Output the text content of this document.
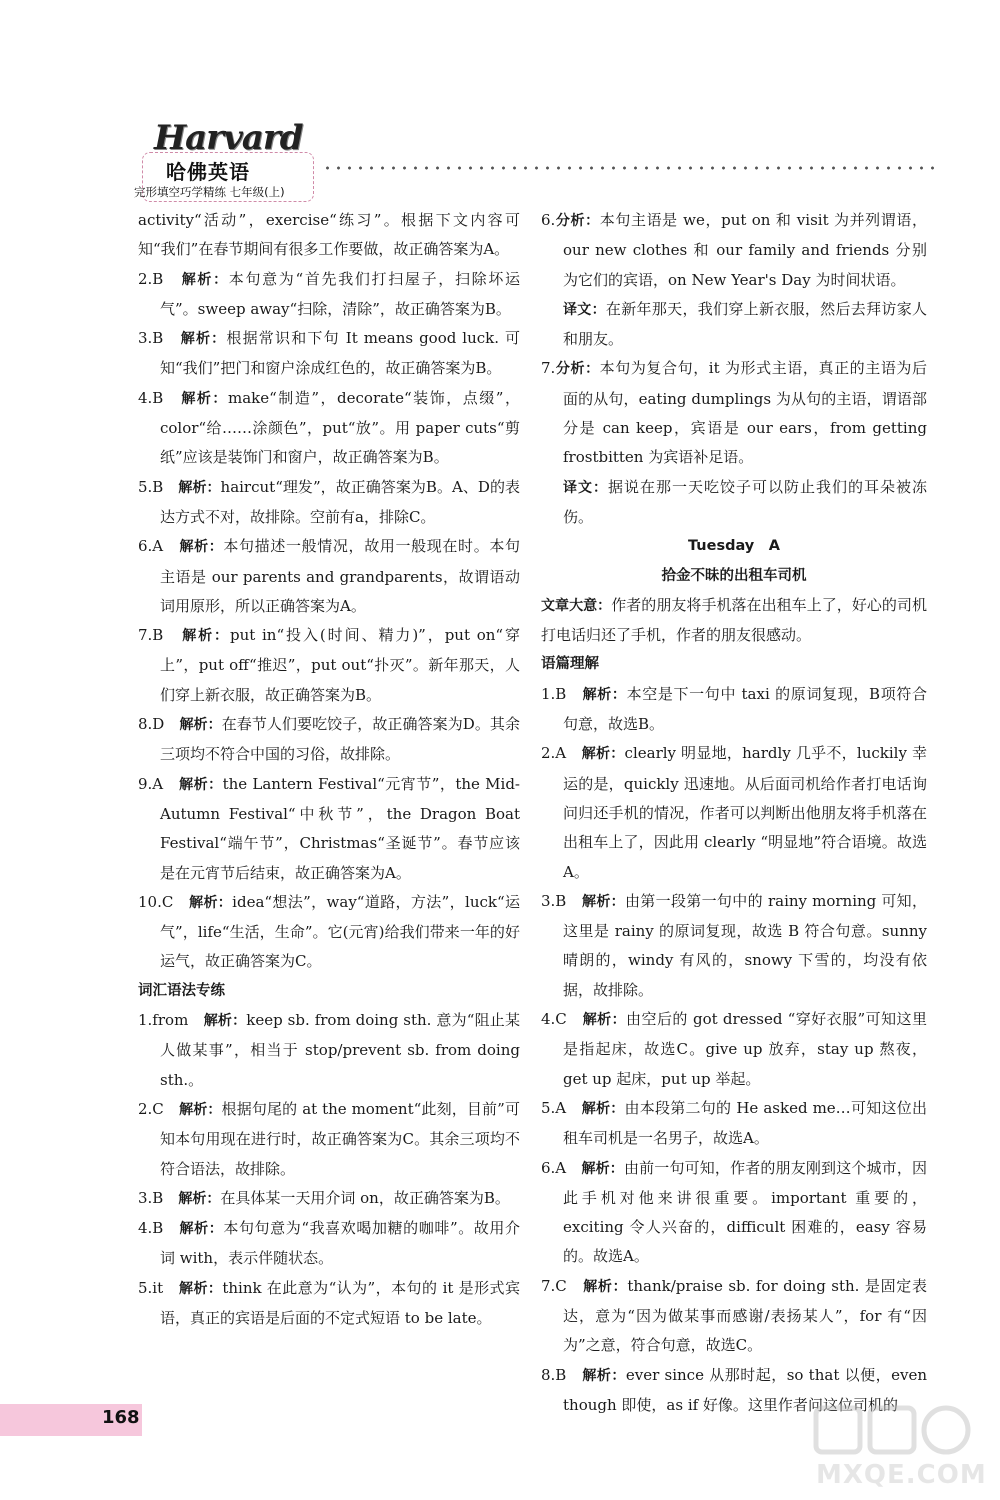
Harvard
哈佛英语
完形填空巧学精练 七年级(上)

activity“活动”，exercise“练习”。根据下文内容可知“我们”在春节期间有很多工作要做，故正确答案为A。

2.B　 解析：本句意为“首先我们打扫屋子，扫除坏运气”。sweep away“扫除，清除”，故正确答案为B。

3.B　 解析：根据常识和下句 It means good luck. 可知“我们”把门和窗户涂成红色的，故正确答案为B。

4.B　 解析：make“制造”，decorate“装饰，点缀”，color“给……涂颜色”，put“放”。用 paper cuts“剪纸”应该是装饰门和窗户，故正确答案为B。

5.B　 解析：haircut“理发”，故正确答案为B。A、D的表达方式不对，故排除。空前有a，排除C。

6.A　 解析：本句描述一般情况，故用一般现在时。本句主语是 our parents and grandparents，故谓语动词用原形，所以正确答案为A。

7.B　 解析：put in“投入(时间、精力)”，put on“穿上”，put off“推迟”，put out“扑灭”。新年那天，人们穿上新衣服，故正确答案为B。

8.D　 解析：在春节人们要吃饺子，故正确答案为D。其余三项均不符合中国的习俗，故排除。

9.A　 解析：the Lantern Festival“元宵节”，the Mid-Autumn Festival“中秋节”，the Dragon Boat Festival“端午节”，Christmas“圣诞节”。春节应该是在元宵节后结束，故正确答案为A。

10.C　 解析：idea“想法”，way“道路，方法”，luck“运气”，life“生活，生命”。它(元宵)给我们带来一年的好运气，故正确答案为C。

词汇语法专练

1.from　 解析：keep sb. from doing sth. 意为“阻止某人做某事”，相当于 stop/prevent sb. from doing sth.。

2.C　 解析：根据句尾的 at the moment“此刻，目前”可知本句用现在进行时，故正确答案为C。其余三项均不符合语法，故排除。

3.B　 解析：在具体某一天用介词 on，故正确答案为B。

4.B　 解析：本句句意为“我喜欢喝加糖的咖啡”。故用介词 with，表示伴随状态。

5.it　 解析：think 在此意为“认为”，本句的 it 是形式宾语，真正的宾语是后面的不定式短语 to be late。

6.分析：本句主语是 we，put on 和 visit 为并列谓语，our new clothes 和 our family and friends 分别为它们的宾语，on New Year's Day 为时间状语。

译文：在新年那天，我们穿上新衣服，然后去拜访家人和朋友。

7.分析：本句为复合句，it 为形式主语，真正的主语为后面的从句，eating dumplings 为从句的主语，谓语部分是 can keep，宾语是 our ears，from getting frostbitten 为宾语补足语。

译文：据说在那一天吃饺子可以防止我们的耳朵被冻伤。

Tuesday　A

拾金不昧的出租车司机

文章大意：作者的朋友将手机落在出租车上了，好心的司机打电话归还了手机，作者的朋友很感动。

语篇理解

1.B　 解析：本空是下一句中 taxi 的原词复现，B项符合句意，故选B。

2.A　 解析：clearly 明显地，hardly 几乎不，luckily 幸运的是，quickly 迅速地。从后面司机给作者打电话询问归还手机的情况，作者可以判断出他朋友将手机落在出租车上了，因此用 clearly “明显地”符合语境。故选A。

3.B　 解析：由第一段第一句中的 rainy morning 可知，这里是 rainy 的原词复现，故选 B 符合句意。sunny晴朗的，windy 有风的，snowy 下雪的，均没有依据，故排除。

4.C　 解析：由空后的 got dressed “穿好衣服”可知这里是指起床，故选C。give up 放弃，stay up 熬夜，get up 起床，put up 举起。

5.A　 解析：由本段第二句的 He asked me…可知这位出租车司机是一名男子，故选A。

6.A　 解析：由前一句可知，作者的朋友刚到这个城市，因此手机对他来讲很重要。important 重要的，exciting 令人兴奋的，difficult 困难的，easy 容易的。故选A。

7.C　 解析：thank/praise sb. for doing sth. 是固定表达，意为“因为做某事而感谢/表扬某人”，for 有“因为”之意，符合句意，故选C。

8.B　 解析：ever since 从那时起，so that 以便，even though 即使，as if 好像。这里作者问这位司机的

168
MXQE.COM
